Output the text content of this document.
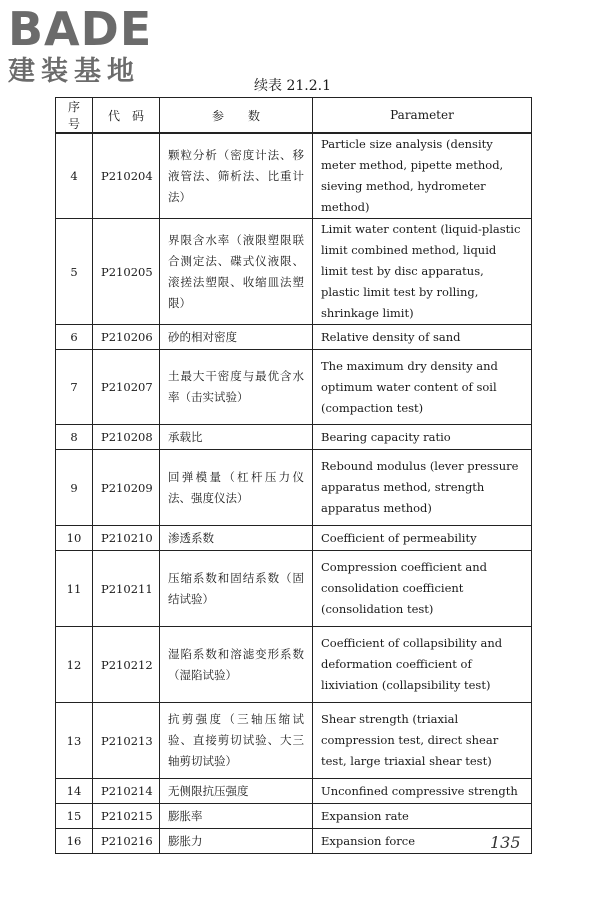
BADE
建装基地	续表 21.2.1
序号	代　码	参　　数	Parameter
4	P210204	颗粒分析（密度计法、移液管法、筛析法、比重计法）	Particle size analysis (density meter method, pipette method, sieving method, hydrometer method)
5	P210205	界限含水率（液限塑限联合测定法、碟式仪液限、滚搓法塑限、收缩皿法塑限）	Limit water content (liquid-plastic limit combined method, liquid limit test by disc apparatus, plastic limit test by rolling, shrinkage limit)
6	P210206	砂的相对密度	Relative density of sand
7	P210207	土最大干密度与最优含水率（击实试验）	The maximum dry density and optimum water content of soil (compaction test)
8	P210208	承载比	Bearing capacity ratio
9	P210209	回弹模量（杠杆压力仪法、强度仪法）	Rebound modulus (lever pressure apparatus method, strength apparatus method)
10	P210210	渗透系数	Coefficient of permeability
11	P210211	压缩系数和固结系数（固结试验）	Compression coefficient and consolidation coefficient (consolidation test)
12	P210212	湿陷系数和溶滤变形系数（湿陷试验）	Coefficient of collapsibility and deformation coefficient of lixiviation (collapsibility test)
13	P210213	抗剪强度（三轴压缩试验、直接剪切试验、大三轴剪切试验）	Shear strength (triaxial compression test, direct shear test, large triaxial shear test)
14	P210214	无侧限抗压强度	Unconfined compressive strength
15	P210215	膨胀率	Expansion rate
16	P210216	膨胀力	Expansion force	135
